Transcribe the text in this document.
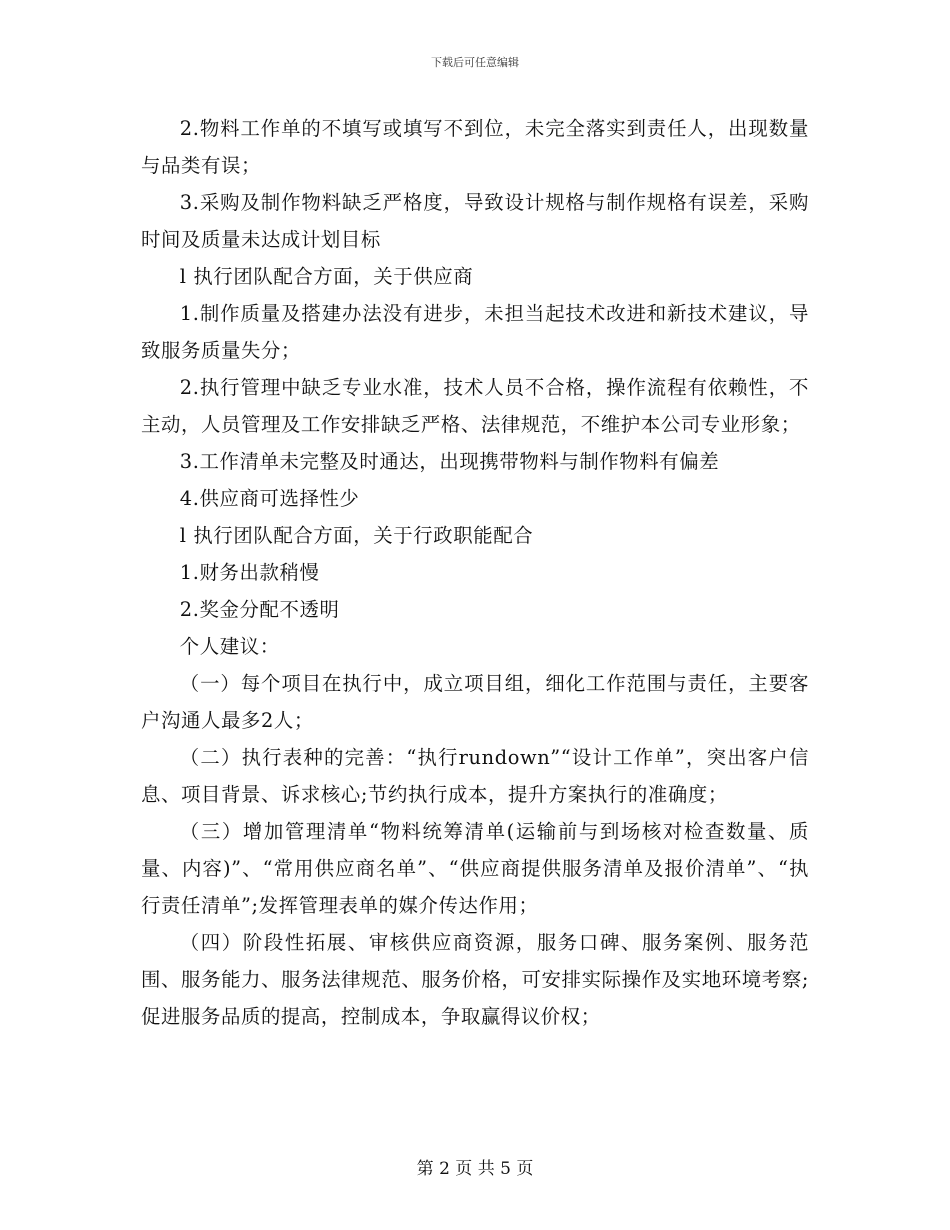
下载后可任意编辑

2.物料工作单的不填写或填写不到位，未完全落实到责任人，出现数量与品类有误；

3.采购及制作物料缺乏严格度，导致设计规格与制作规格有误差，采购时间及质量未达成计划目标

l 执行团队配合方面，关于供应商

1.制作质量及搭建办法没有进步，未担当起技术改进和新技术建议，导致服务质量失分；

2.执行管理中缺乏专业水准，技术人员不合格，操作流程有依赖性，不主动，人员管理及工作安排缺乏严格、法律规范，不维护本公司专业形象；

3.工作清单未完整及时通达，出现携带物料与制作物料有偏差

4.供应商可选择性少

l 执行团队配合方面，关于行政职能配合

1.财务出款稍慢

2.奖金分配不透明

个人建议：

（一）每个项目在执行中，成立项目组，细化工作范围与责任，主要客户沟通人最多2人；

（二）执行表种的完善：“执行rundown”“设计工作单”，突出客户信息、项目背景、诉求核心;节约执行成本，提升方案执行的准确度；

（三）增加管理清单“物料统筹清单(运输前与到场核对检查数量、质量、内容)”、“常用供应商名单”、“供应商提供服务清单及报价清单”、“执行责任清单”;发挥管理表单的媒介传达作用；

（四）阶段性拓展、审核供应商资源，服务口碑、服务案例、服务范围、服务能力、服务法律规范、服务价格，可安排实际操作及实地环境考察;促进服务品质的提高，控制成本，争取赢得议价权；

第 2 页 共 5 页
